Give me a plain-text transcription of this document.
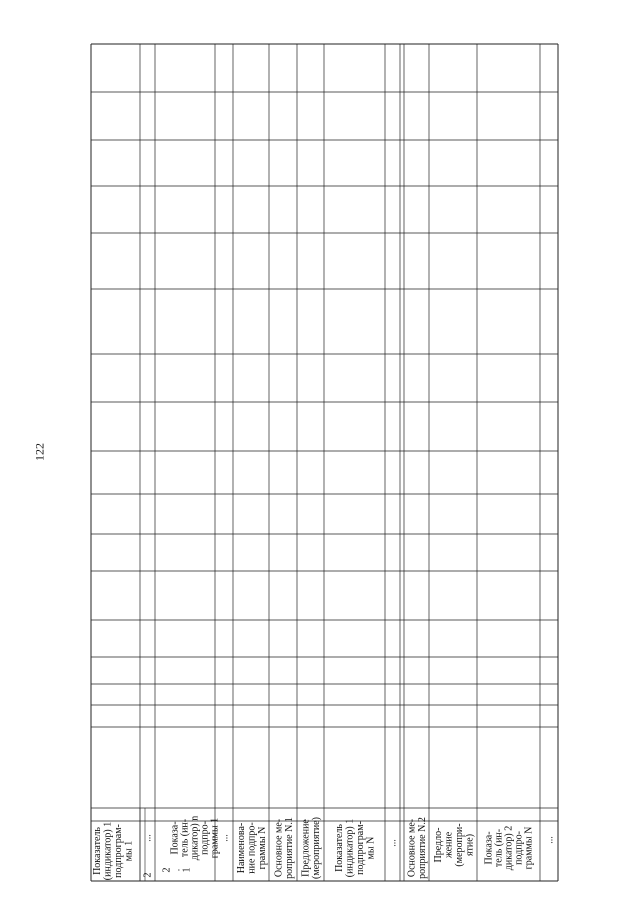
122
Показатель (индикатор) 1 подпрограм- мы 1
2
...
2 . 1
Показа- тель (ин- дикатор) n подпро- граммы 1 ... Наименова- ние подпро- граммы N Основное ме- роприятие N.1 Предложение (мероприятие) Показатель (индикатор) 1 подпрограм- мы N ... Основное ме- роприятие N.2 Предло- жение (меропри- ятие) Показа- тель (ин- дикатор) 2 подпро- граммы N ...
